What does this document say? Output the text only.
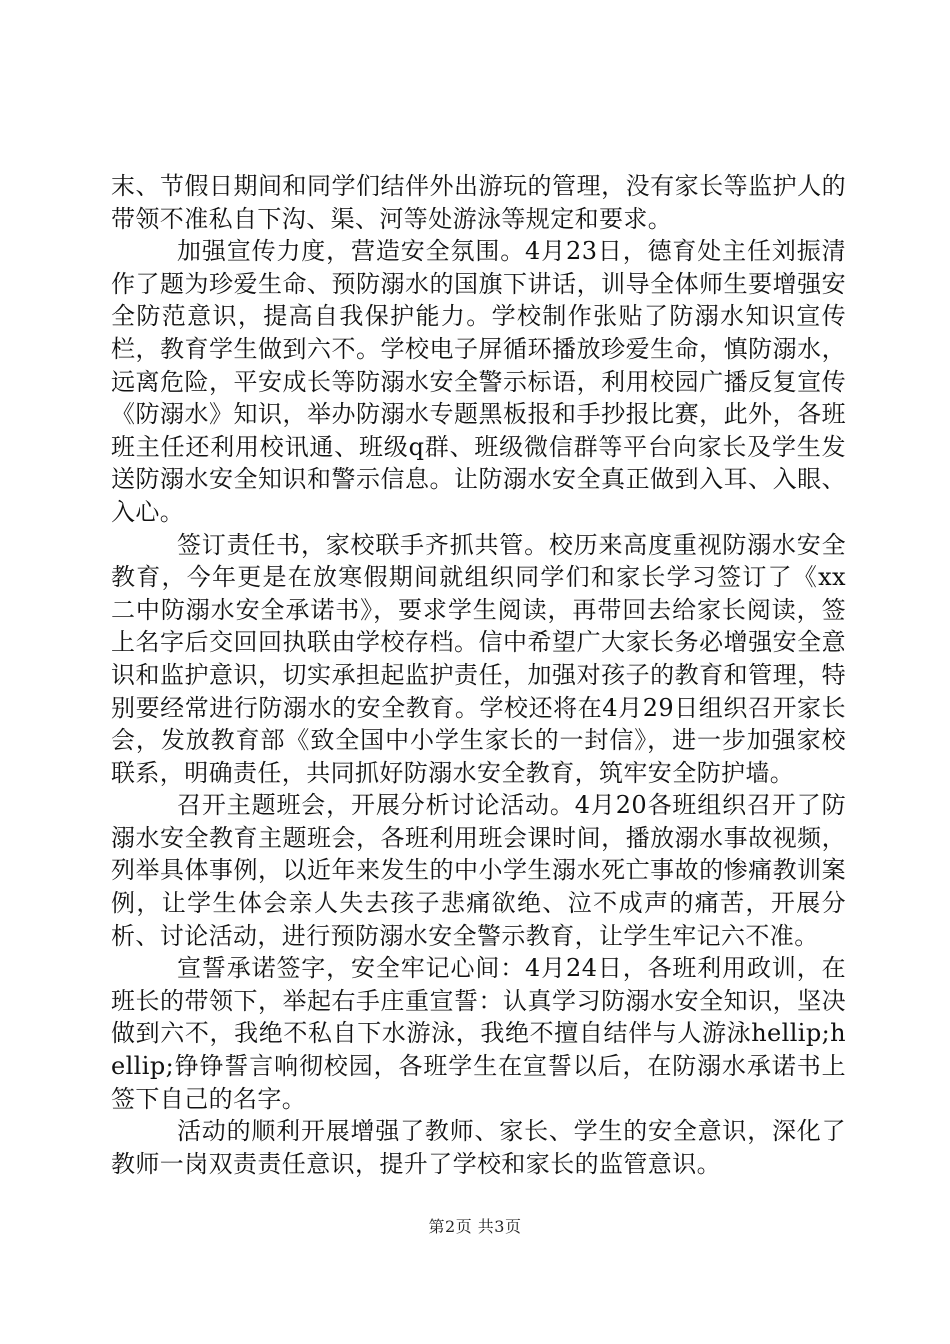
末、节假日期间和同学们结伴外出游玩的管理，没有家长等监护人的带领不准私自下沟、渠、河等处游泳等规定和要求。

加强宣传力度，营造安全氛围。4月23日，德育处主任刘振清作了题为珍爱生命、预防溺水的国旗下讲话，训导全体师生要增强安全防范意识，提高自我保护能力。学校制作张贴了防溺水知识宣传栏，教育学生做到六不。学校电子屏循环播放珍爱生命，慎防溺水，远离危险，平安成长等防溺水安全警示标语，利用校园广播反复宣传《防溺水》知识，举办防溺水专题黑板报和手抄报比赛，此外，各班班主任还利用校讯通、班级q群、班级微信群等平台向家长及学生发送防溺水安全知识和警示信息。让防溺水安全真正做到入耳、入眼、入心。

签订责任书，家校联手齐抓共管。校历来高度重视防溺水安全教育，今年更是在放寒假期间就组织同学们和家长学习签订了《xx二中防溺水安全承诺书》，要求学生阅读，再带回去给家长阅读，签上名字后交回回执联由学校存档。信中希望广大家长务必增强安全意识和监护意识，切实承担起监护责任，加强对孩子的教育和管理，特别要经常进行防溺水的安全教育。学校还将在4月29日组织召开家长会，发放教育部《致全国中小学生家长的一封信》，进一步加强家校联系，明确责任，共同抓好防溺水安全教育，筑牢安全防护墙。

召开主题班会，开展分析讨论活动。4月20各班组织召开了防溺水安全教育主题班会，各班利用班会课时间，播放溺水事故视频，列举具体事例，以近年来发生的中小学生溺水死亡事故的惨痛教训案例，让学生体会亲人失去孩子悲痛欲绝、泣不成声的痛苦，开展分析、讨论活动，进行预防溺水安全警示教育，让学生牢记六不准。

宣誓承诺签字，安全牢记心间：4月24日，各班利用政训，在班长的带领下，举起右手庄重宣誓：认真学习防溺水安全知识，坚决做到六不，我绝不私自下水游泳，我绝不擅自结伴与人游泳hellip;hellip;铮铮誓言响彻校园，各班学生在宣誓以后，在防溺水承诺书上签下自己的名字。

活动的顺利开展增强了教师、家长、学生的安全意识，深化了教师一岗双责责任意识，提升了学校和家长的监管意识。

第2页 共3页
